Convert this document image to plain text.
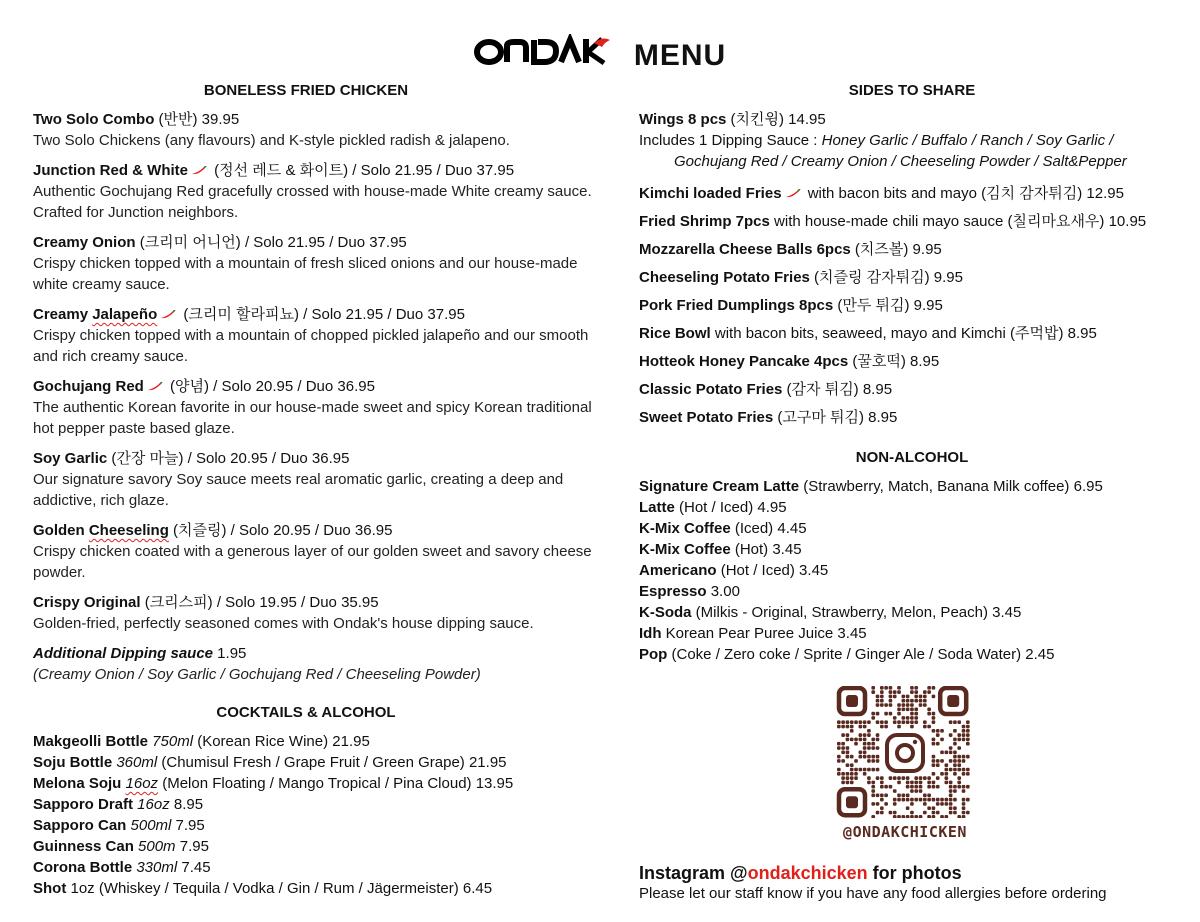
MENU
BONELESS FRIED CHICKEN
Two Solo Combo (반반) 39.95
Two Solo Chickens (any flavours) and K-style pickled radish & jalapeno.
Junction Red & White (정선 레드 & 화이트) / Solo 21.95 / Duo 37.95
Authentic Gochujang Red gracefully crossed with house-made White creamy sauce. Crafted for Junction neighbors.
Creamy Onion (크리미 어니언) / Solo 21.95 / Duo 37.95
Crispy chicken topped with a mountain of fresh sliced onions and our house-made white creamy sauce.
Creamy Jalapeño (크리미 할라피뇨) / Solo 21.95 / Duo 37.95
Crispy chicken topped with a mountain of chopped pickled jalapeño and our smooth and rich creamy sauce.
Gochujang Red (양념) / Solo 20.95 / Duo 36.95
The authentic Korean favorite in our house-made sweet and spicy Korean traditional hot pepper paste based glaze.
Soy Garlic (간장 마늘) / Solo 20.95 / Duo 36.95
Our signature savory Soy sauce meets real aromatic garlic, creating a deep and addictive, rich glaze.
Golden Cheeseling (치즐링) / Solo 20.95 / Duo 36.95
Crispy chicken coated with a generous layer of our golden sweet and savory cheese powder.
Crispy Original (크리스피) / Solo 19.95 / Duo 35.95
Golden-fried, perfectly seasoned comes with Ondak's house dipping sauce.
Additional Dipping sauce 1.95
(Creamy Onion / Soy Garlic / Gochujang Red / Cheeseling Powder)
COCKTAILS & ALCOHOL
Makgeolli Bottle 750ml (Korean Rice Wine) 21.95
Soju Bottle 360ml (Chumisul Fresh / Grape Fruit / Green Grape) 21.95
Melona Soju 16oz (Melon Floating / Mango Tropical / Pina Cloud) 13.95
Sapporo Draft 16oz 8.95
Sapporo Can 500ml 7.95
Guinness Can 500m 7.95
Corona Bottle 330ml 7.45
Shot 1oz (Whiskey / Tequila / Vodka / Gin / Rum / Jägermeister) 6.45
SIDES TO SHARE
Wings 8 pcs (치킨윙) 14.95
Includes 1 Dipping Sauce : Honey Garlic / Buffalo / Ranch / Soy Garlic /
Gochujang Red / Creamy Onion / Cheeseling Powder / Salt&Pepper
Kimchi loaded Fries with bacon bits and mayo (김치 감자튀김) 12.95
Fried Shrimp 7pcs with house-made chili mayo sauce (칠리마요새우) 10.95
Mozzarella Cheese Balls 6pcs (치즈볼) 9.95
Cheeseling Potato Fries (치즐링 감자튀김) 9.95
Pork Fried Dumplings 8pcs (만두 튀김) 9.95
Rice Bowl with bacon bits, seaweed, mayo and Kimchi (주먹밥) 8.95
Hotteok Honey Pancake 4pcs (꿀호떡) 8.95
Classic Potato Fries (감자 튀김) 8.95
Sweet Potato Fries (고구마 튀김) 8.95
NON-ALCOHOL
Signature Cream Latte (Strawberry, Match, Banana Milk coffee) 6.95
Latte (Hot / Iced) 4.95
K-Mix Coffee (Iced) 4.45
K-Mix Coffee (Hot) 3.45
Americano (Hot / Iced) 3.45
Espresso 3.00
K-Soda (Milkis - Original, Strawberry, Melon, Peach) 3.45
Idh Korean Pear Puree Juice 3.45
Pop (Coke / Zero coke / Sprite / Ginger Ale / Soda Water) 2.45
@ONDAKCHICKEN
Instagram @ondakchicken for photos
Please let our staff know if you have any food allergies before ordering
